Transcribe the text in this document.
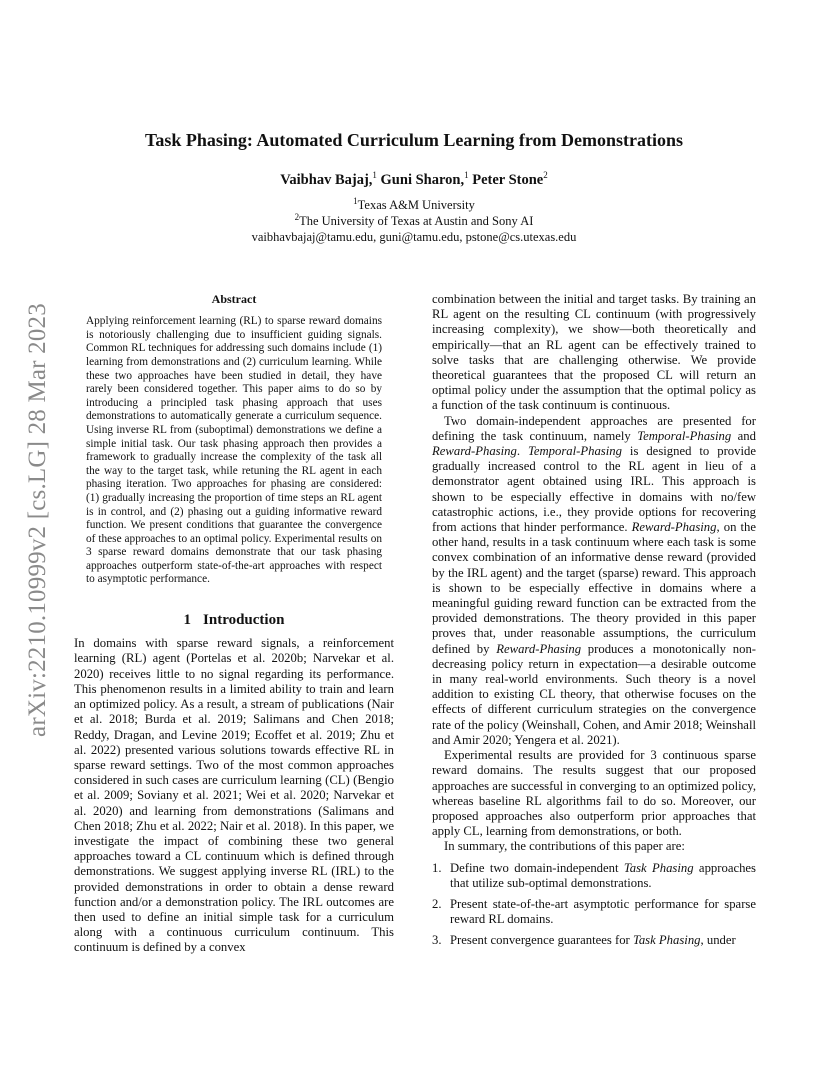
arXiv:2210.10999v2 [cs.LG] 28 Mar 2023
Task Phasing: Automated Curriculum Learning from Demonstrations
Vaibhav Bajaj,$^1$ Guni Sharon,$^1$ Peter Stone$^2$
$^1$Texas A&M University
$^2$The University of Texas at Austin and Sony AI
vaibhavbajaj@tamu.edu, guni@tamu.edu, pstone@cs.utexas.edu
Abstract

Applying reinforcement learning (RL) to sparse reward domains is notoriously challenging due to insufficient guiding signals. Common RL techniques for addressing such domains include (1) learning from demonstrations and (2) curriculum learning. While these two approaches have been studied in detail, they have rarely been considered together. This paper aims to do so by introducing a principled task phasing approach that uses demonstrations to automatically generate a curriculum sequence. Using inverse RL from (suboptimal) demonstrations we define a simple initial task. Our task phasing approach then provides a framework to gradually increase the complexity of the task all the way to the target task, while retuning the RL agent in each phasing iteration. Two approaches for phasing are considered: (1) gradually increasing the proportion of time steps an RL agent is in control, and (2) phasing out a guiding informative reward function. We present conditions that guarantee the convergence of these approaches to an optimal policy. Experimental results on 3 sparse reward domains demonstrate that our task phasing approaches outperform state-of-the-art approaches with respect to asymptotic performance.

1 Introduction

In domains with sparse reward signals, a reinforcement learning (RL) agent (Portelas et al. 2020b; Narvekar et al. 2020) receives little to no signal regarding its performance. This phenomenon results in a limited ability to train and learn an optimized policy. As a result, a stream of publications (Nair et al. 2018; Burda et al. 2019; Salimans and Chen 2018; Reddy, Dragan, and Levine 2019; Ecoffet et al. 2019; Zhu et al. 2022) presented various solutions towards effective RL in sparse reward settings. Two of the most common approaches considered in such cases are curriculum learning (CL) (Bengio et al. 2009; Soviany et al. 2021; Wei et al. 2020; Narvekar et al. 2020) and learning from demonstrations (Salimans and Chen 2018; Zhu et al. 2022; Nair et al. 2018). In this paper, we investigate the impact of combining these two general approaches toward a CL continuum which is defined through demonstrations. We suggest applying inverse RL (IRL) to the provided demonstrations in order to obtain a dense reward function and/or a demonstration policy. The IRL outcomes are then used to define an initial simple task for a curriculum along with a continuous curriculum continuum. This continuum is defined by a convex

combination between the initial and target tasks. By training an RL agent on the resulting CL continuum (with progressively increasing complexity), we show—both theoretically and empirically—that an RL agent can be effectively trained to solve tasks that are challenging otherwise. We provide theoretical guarantees that the proposed CL will return an optimal policy under the assumption that the optimal policy as a function of the task continuum is continuous.

Two domain-independent approaches are presented for defining the task continuum, namely Temporal-Phasing and Reward-Phasing. Temporal-Phasing is designed to provide gradually increased control to the RL agent in lieu of a demonstrator agent obtained using IRL. This approach is shown to be especially effective in domains with no/few catastrophic actions, i.e., they provide options for recovering from actions that hinder performance. Reward-Phasing, on the other hand, results in a task continuum where each task is some convex combination of an informative dense reward (provided by the IRL agent) and the target (sparse) reward. This approach is shown to be especially effective in domains where a meaningful guiding reward function can be extracted from the provided demonstrations. The theory provided in this paper proves that, under reasonable assumptions, the curriculum defined by Reward-Phasing produces a monotonically non-decreasing policy return in expectation—a desirable outcome in many real-world environments. Such theory is a novel addition to existing CL theory, that otherwise focuses on the effects of different curriculum strategies on the convergence rate of the policy (Weinshall, Cohen, and Amir 2018; Weinshall and Amir 2020; Yengera et al. 2021).

Experimental results are provided for 3 continuous sparse reward domains. The results suggest that our proposed approaches are successful in converging to an optimized policy, whereas baseline RL algorithms fail to do so. Moreover, our proposed approaches also outperform prior approaches that apply CL, learning from demonstrations, or both.

In summary, the contributions of this paper are:

1. Define two domain-independent Task Phasing approaches that utilize sub-optimal demonstrations.
2. Present state-of-the-art asymptotic performance for sparse reward RL domains.
3. Present convergence guarantees for Task Phasing, under
